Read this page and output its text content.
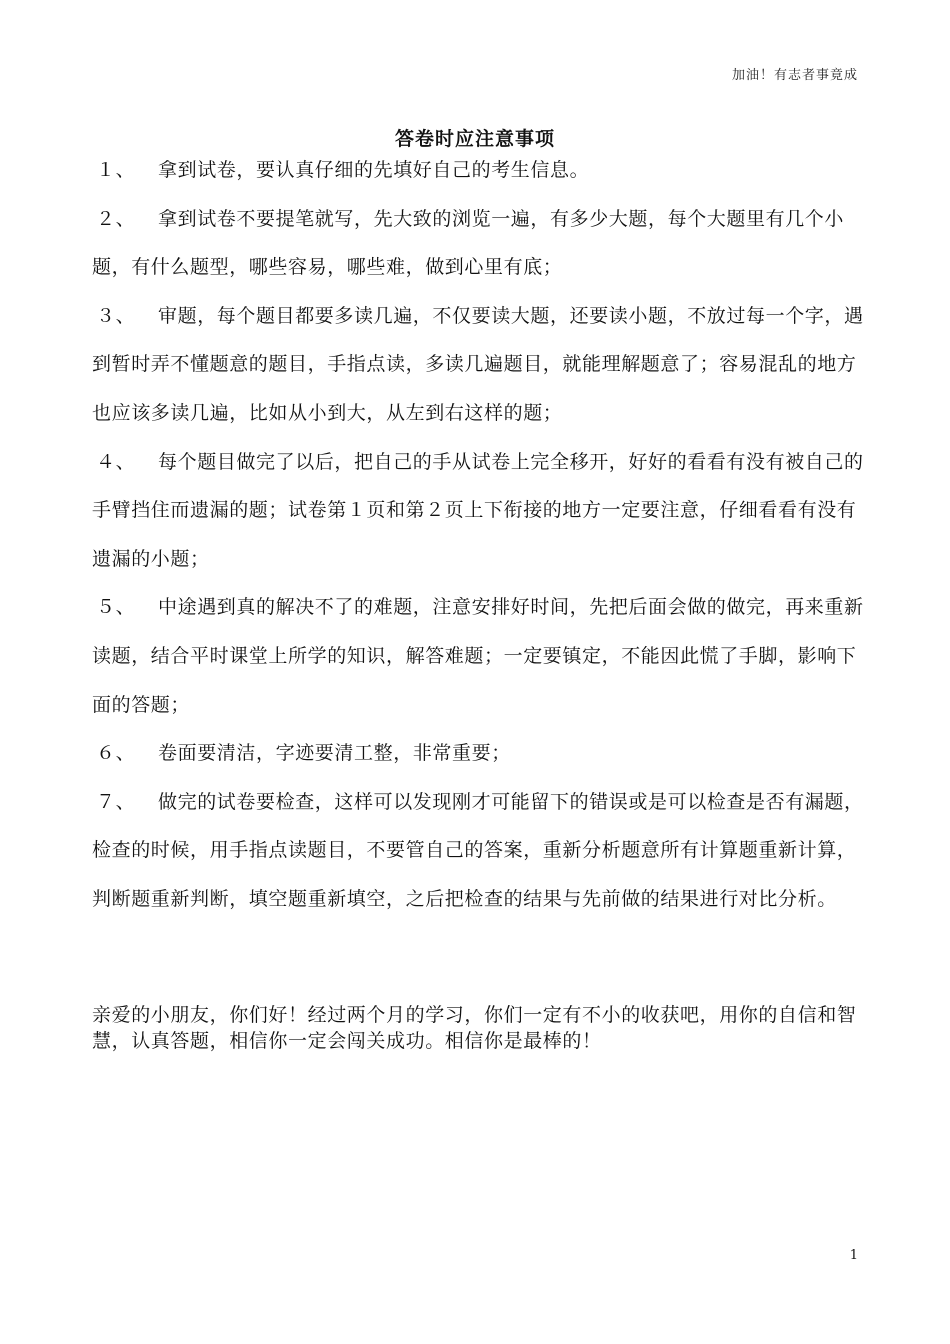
加油！有志者事竟成
答卷时应注意事项

１、 拿到试卷，要认真仔细的先填好自己的考生信息。

２、 拿到试卷不要提笔就写，先大致的浏览一遍，有多少大题，每个大题里有几个小题，有什么题型，哪些容易，哪些难，做到心里有底；

３、 审题，每个题目都要多读几遍，不仅要读大题，还要读小题，不放过每一个字，遇到暂时弄不懂题意的题目，手指点读，多读几遍题目，就能理解题意了；容易混乱的地方也应该多读几遍，比如从小到大，从左到右这样的题；

４、 每个题目做完了以后，把自己的手从试卷上完全移开，好好的看看有没有被自己的手臂挡住而遗漏的题；试卷第１页和第２页上下衔接的地方一定要注意，仔细看看有没有遗漏的小题；

５、 中途遇到真的解决不了的难题，注意安排好时间，先把后面会做的做完，再来重新读题，结合平时课堂上所学的知识，解答难题；一定要镇定，不能因此慌了手脚，影响下面的答题；

６、 卷面要清洁，字迹要清工整，非常重要；

７、 做完的试卷要检查，这样可以发现刚才可能留下的错误或是可以检查是否有漏题，检查的时候，用手指点读题目，不要管自己的答案，重新分析题意所有计算题重新计算，判断题重新判断，填空题重新填空，之后把检查的结果与先前做的结果进行对比分析。

亲爱的小朋友，你们好！经过两个月的学习，你们一定有不小的收获吧，用你的自信和智慧，认真答题，相信你一定会闯关成功。相信你是最棒的！
1
